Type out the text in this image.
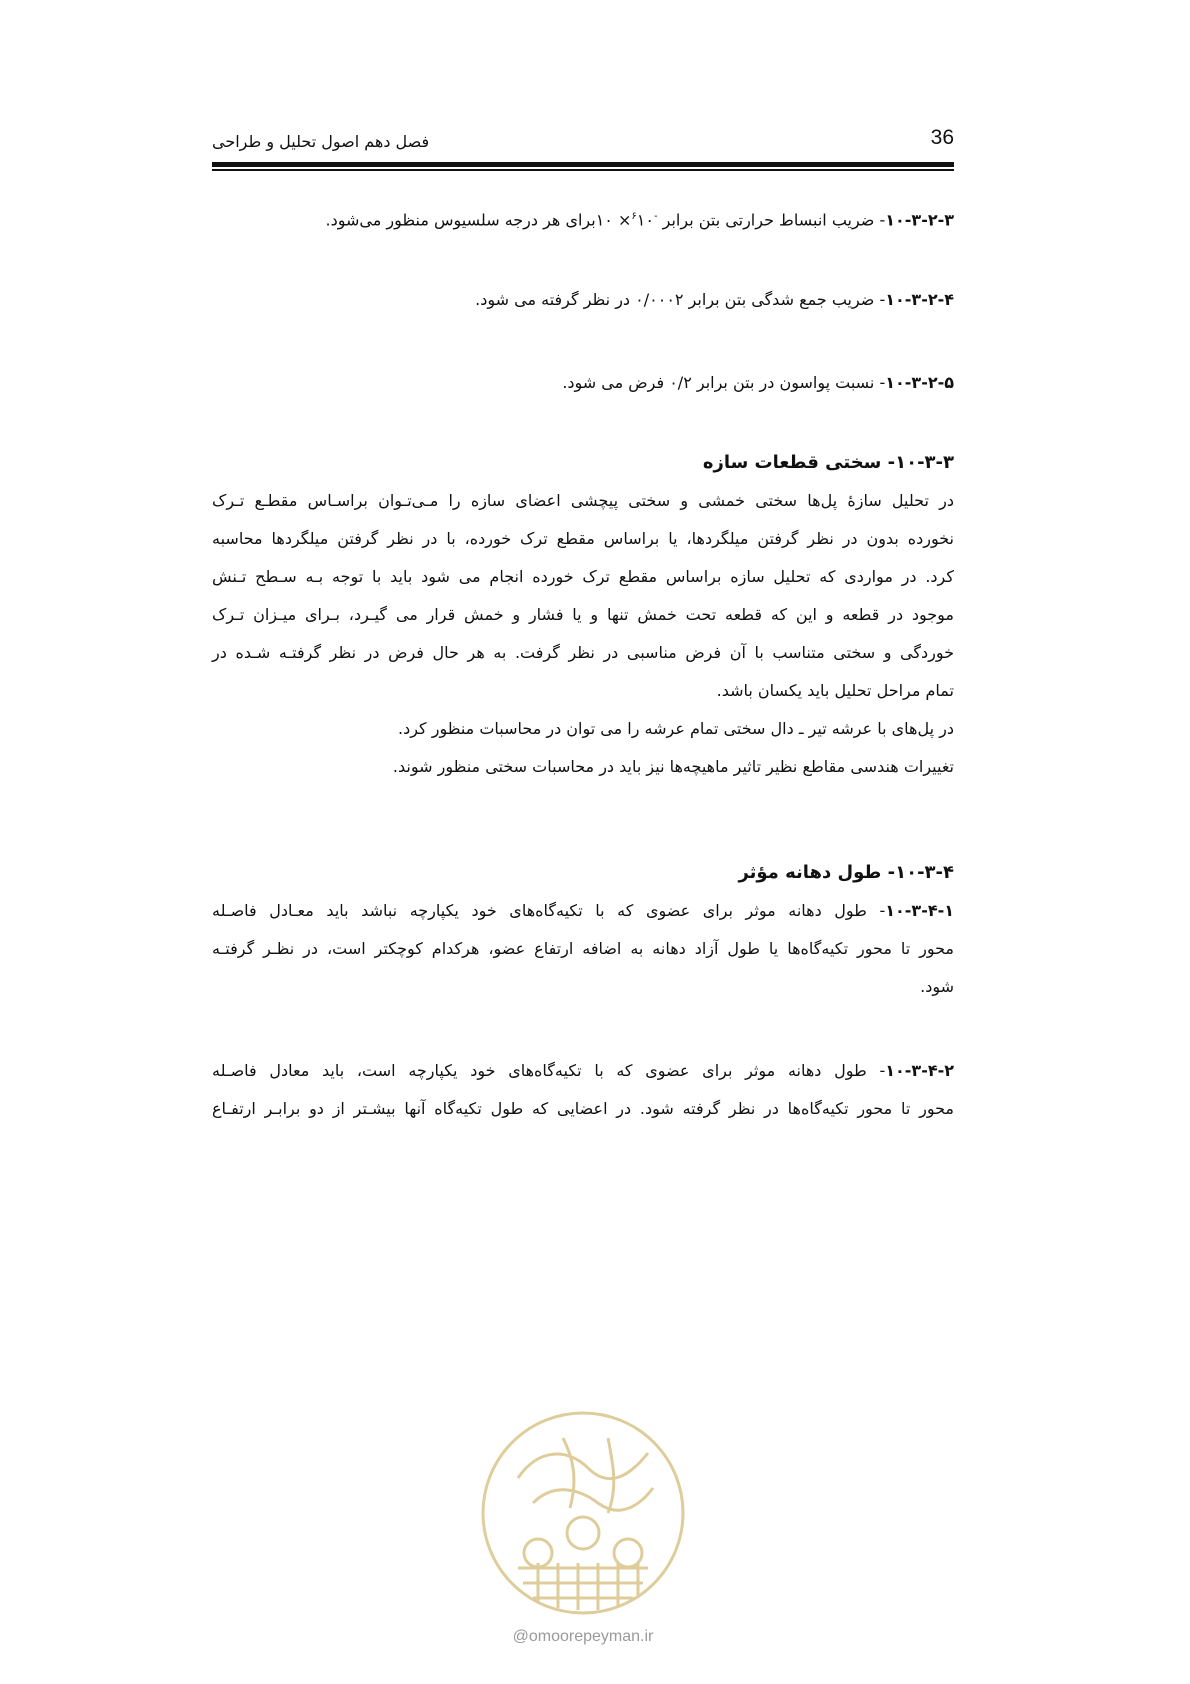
فصل دهم اصول تحلیل و طراحی	36
۱۰-۳-۲-۳- ضریب انبساط حرارتی بتن برابر $^{-۶}$۱۰× ۱۰برای هر درجه سلسیوس منظور می‌شود.
۱۰-۳-۲-۴- ضریب جمع شدگی بتن برابر ۰/۰۰۰۲ در نظر گرفته می شود.
۱۰-۳-۲-۵- نسبت پواسون در بتن برابر ۰/۲ فرض می شود.
۱۰-۳-۳- سختی قطعات سازه
در تحلیل سازهٔ پل‌ها سختی خمشی و سختی پیچشی اعضای سازه را مـی‌تـوان براسـاس مقطـع تـرک
نخورده بدون در نظر گرفتن میلگردها، یا براساس مقطع ترک خورده، با در نظر گرفتن میلگردها محاسبه
کرد. در مواردی که تحلیل سازه براساس مقطع ترک خورده انجام می شود باید با توجه بـه سـطح تـنش
موجود در قطعه و این که قطعه تحت خمش تنها و یا فشار و خمش قرار می گیـرد، بـرای میـزان تـرک
خوردگی و سختی متناسب با آن فرض مناسبی در نظر گرفت. به هر حال فرض در نظر گرفتـه شـده در
تمام مراحل تحلیل باید یکسان باشد.
در پل‌های با عرشه تیر ـ دال سختی تمام عرشه را می توان در محاسبات منظور کرد.
تغییرات هندسی مقاطع نظیر تاثیر ماهیچه‌ها نیز باید در محاسبات سختی منظور شوند.
۱۰-۳-۴- طول دهانه مؤثر
۱۰-۳-۴-۱- طول دهانه موثر برای عضوی که با تکیه‌گاه‌های خود یکپارچه نباشد باید معـادل فاصـله
محور تا محور تکیه‌گاه‌ها یا طول آزاد دهانه به اضافه ارتفاع عضو، هرکدام کوچکتر است، در نظـر گرفتـه
شود.
۱۰-۳-۴-۲- طول دهانه موثر برای عضوی که با تکیه‌گاه‌های خود یکپارچه است، باید معادل فاصـله
محور تا محور تکیه‌گاه‌ها در نظر گرفته شود. در اعضایی که طول تکیه‌گاه آنها بیشـتر از دو برابـر ارتفـاع
@omoorepeyman.ir
